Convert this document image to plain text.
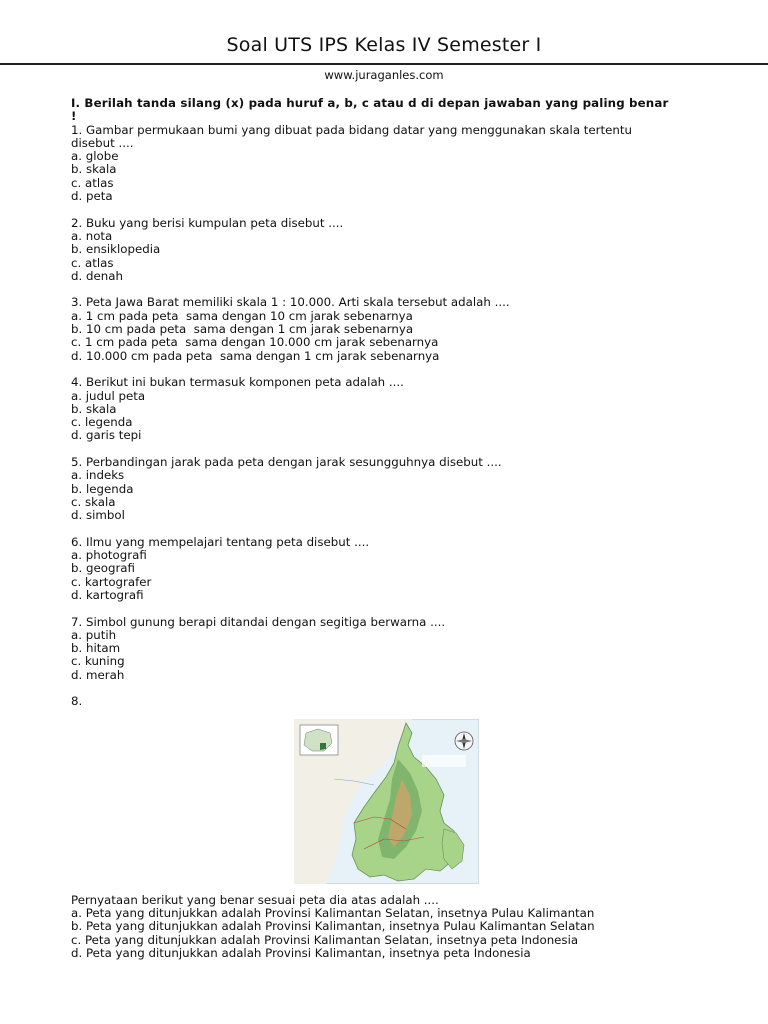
Soal UTS IPS Kelas IV Semester I
www.juraganles.com
I. Berilah tanda silang (x) pada huruf a, b, c atau d di depan jawaban yang paling benar
!
1. Gambar permukaan bumi yang dibuat pada bidang datar yang menggunakan skala tertentu
disebut ....
a. globe
b. skala
c. atlas
d. peta
2. Buku yang berisi kumpulan peta disebut ....
a. nota
b. ensiklopedia
c. atlas
d. denah
3. Peta Jawa Barat memiliki skala 1 : 10.000. Arti skala tersebut adalah ....
a. 1 cm pada peta  sama dengan 10 cm jarak sebenarnya
b. 10 cm pada peta  sama dengan 1 cm jarak sebenarnya
c. 1 cm pada peta  sama dengan 10.000 cm jarak sebenarnya
d. 10.000 cm pada peta  sama dengan 1 cm jarak sebenarnya
4. Berikut ini bukan termasuk komponen peta adalah ....
a. judul peta
b. skala
c. legenda
d. garis tepi
5. Perbandingan jarak pada peta dengan jarak sesungguhnya disebut ....
a. indeks
b. legenda
c. skala
d. simbol
6. Ilmu yang mempelajari tentang peta disebut ....
a. photografi
b. geografi
c. kartografer
d. kartografi
7. Simbol gunung berapi ditandai dengan segitiga berwarna ....
a. putih
b. hitam
c. kuning
d. merah
8.
Pernyataan berikut yang benar sesuai peta dia atas adalah ....
a. Peta yang ditunjukkan adalah Provinsi Kalimantan Selatan, insetnya Pulau Kalimantan
b. Peta yang ditunjukkan adalah Provinsi Kalimantan, insetnya Pulau Kalimantan Selatan
c. Peta yang ditunjukkan adalah Provinsi Kalimantan Selatan, insetnya peta Indonesia
d. Peta yang ditunjukkan adalah Provinsi Kalimantan, insetnya peta Indonesia
